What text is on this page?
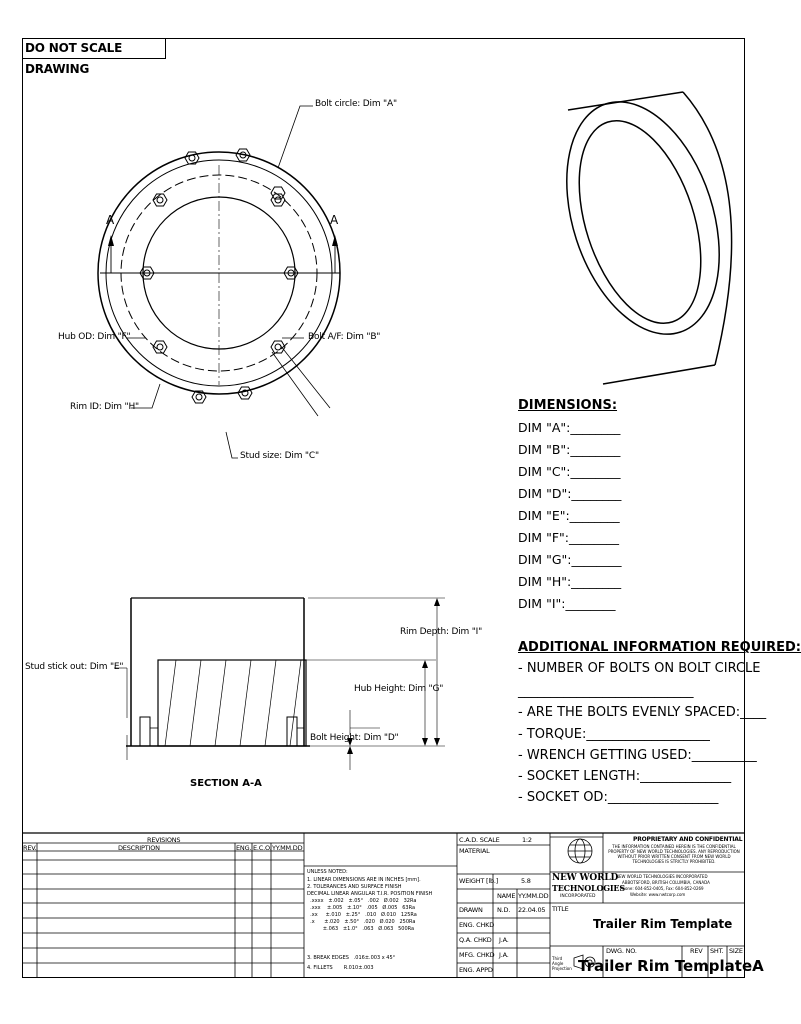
DO NOT SCALE DRAWING
A	A
Bolt circle: Dim "A"
Hub OD: Dim "F"	Bolt A/F: Dim "B"
Rim ID: Dim "H"
Stud size: Dim "C"
Rim Depth: Dim "I"
Stud stick out: Dim "E"
Hub Height: Dim "G"
Bolt Height: Dim "D"
SECTION A-A
DIMENSIONS:
DIM "A":________
DIM "B":________
DIM "C":________
DIM "D":________
DIM "E":________
DIM "F":________
DIM "G":________
DIM "H":________
DIM "I":________
ADDITIONAL INFORMATION REQUIRED:
- NUMBER OF BOLTS ON BOLT CIRCLE
___________________________
- ARE THE BOLTS EVENLY SPACED:____
- TORQUE:___________________
- WRENCH GETTING USED:__________
- SOCKET LENGTH:______________
- SOCKET OD:_________________
REVISIONS
REV.	DESCRIPTION	ENG. E.C.O. YY.MM.DD
UNLESS NOTED:
1. LINEAR DIMENSIONS ARE IN INCHES [mm].
2. TOLERANCES AND SURFACE FINISH
DECIMAL LINEAR ANGULAR T.I.R. POSITION FINISH
.xxxx   ±.002   ±.05°   .002   Ø.002   32Ra
.xxx    ±.005   ±.10°   .005   Ø.005   63Ra
.xx     ±.010   ±.25°   .010   Ø.010   125Ra
.x      ±.020   ±.50°   .020   Ø.020   250Ra
±.063   ±1.0°   .063   Ø.063   500Ra
3. BREAK EDGES   .016±.003 x 45°
4. FILLETS       R.010±.003
C.A.D. SCALE	1:2
MATERIAL
WEIGHT [lb.]	5.8
NAME YY.MM.DD
DRAWN N.D. 22.04.05
ENG. CHKD
Q.A. CHKD J.A.
MFG. CHKD J.A.
ENG. APPD
PROPRIETARY AND CONFIDENTIAL
THE INFORMATION CONTAINED HEREIN IS THE CONFIDENTIAL PROPERTY OF NEW WORLD TECHNOLOGIES. ANY REPRODUCTION WITHOUT PRIOR WRITTEN CONSENT FROM NEW WORLD TECHNOLOGIES IS STRICTLY PROHIBITED.
NEW WORLD
TECHNOLOGIES
INCORPORATED
NEW WORLD TECHNOLOGIES INCORPORATED
ABBOTSFORD, BRITISH COLUMBIA, CANADA
Phone: 604-852-0405, Fax: 604-852-0269
Website: www.nwtcorp.com
TITLE
Trailer Rim Template
Third Angle Projection
DWG. NO.
Trailer Rim TemplateA
REV SHT. SIZE
